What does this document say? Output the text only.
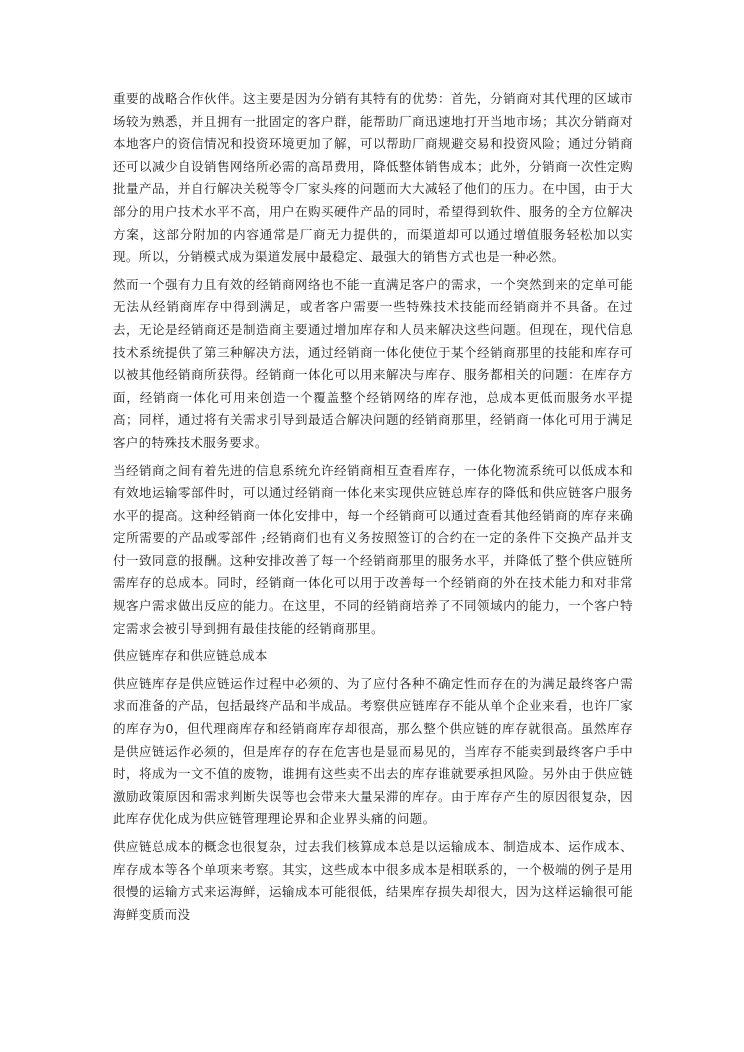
重要的战略合作伙伴。这主要是因为分销有其特有的优势：首先，分销商对其代理的区域市场较为熟悉，并且拥有一批固定的客户群，能帮助厂商迅速地打开当地市场；其次分销商对本地客户的资信情况和投资环境更加了解，可以帮助厂商规避交易和投资风险；通过分销商还可以减少自设销售网络所必需的高昂费用，降低整体销售成本；此外，分销商一次性定购批量产品，并自行解决关税等令厂家头疼的问题而大大减轻了他们的压力。在中国，由于大部分的用户技术水平不高，用户在购买硬件产品的同时，希望得到软件、服务的全方位解决方案，这部分附加的内容通常是厂商无力提供的，而渠道却可以通过增值服务轻松加以实现。所以，分销模式成为渠道发展中最稳定、最强大的销售方式也是一种必然。

然而一个强有力且有效的经销商网络也不能一直满足客户的需求，一个突然到来的定单可能无法从经销商库存中得到满足，或者客户需要一些特殊技术技能而经销商并不具备。在过去，无论是经销商还是制造商主要通过增加库存和人员来解决这些问题。但现在，现代信息技术系统提供了第三种解决方法，通过经销商一体化使位于某个经销商那里的技能和库存可以被其他经销商所获得。经销商一体化可以用来解决与库存、服务都相关的问题：在库存方面，经销商一体化可用来创造一个覆盖整个经销网络的库存池，总成本更低而服务水平提高；同样，通过将有关需求引导到最适合解决问题的经销商那里，经销商一体化可用于满足客户的特殊技术服务要求。

当经销商之间有着先进的信息系统允许经销商相互查看库存，一体化物流系统可以低成本和有效地运输零部件时，可以通过经销商一体化来实现供应链总库存的降低和供应链客户服务水平的提高。这种经销商一体化安排中，每一个经销商可以通过查看其他经销商的库存来确定所需要的产品或零部件 ;经销商们也有义务按照签订的合约在一定的条件下交换产品并支付一致同意的报酬。这种安排改善了每一个经销商那里的服务水平，并降低了整个供应链所需库存的总成本。同时，经销商一体化可以用于改善每一个经销商的外在技术能力和对非常规客户需求做出反应的能力。在这里，不同的经销商培养了不同领域内的能力，一个客户特定需求会被引导到拥有最佳技能的经销商那里。

供应链库存和供应链总成本

供应链库存是供应链运作过程中必须的、为了应付各种不确定性而存在的为满足最终客户需求而准备的产品，包括最终产品和半成品。考察供应链库存不能从单个企业来看，也许厂家的库存为0，但代理商库存和经销商库存却很高，那么整个供应链的库存就很高。虽然库存是供应链运作必须的，但是库存的存在危害也是显而易见的，当库存不能卖到最终客户手中时，将成为一文不值的废物，谁拥有这些卖不出去的库存谁就要承担风险。另外由于供应链激励政策原因和需求判断失误等也会带来大量呆滞的库存。由于库存产生的原因很复杂，因此库存优化成为供应链管理理论界和企业界头痛的问题。

供应链总成本的概念也很复杂，过去我们核算成本总是以运输成本、制造成本、运作成本、库存成本等各个单项来考察。其实，这些成本中很多成本是相联系的，一个极端的例子是用很慢的运输方式来运海鲜，运输成本可能很低，结果库存损失却很大，因为这样运输很可能海鲜变质而没
